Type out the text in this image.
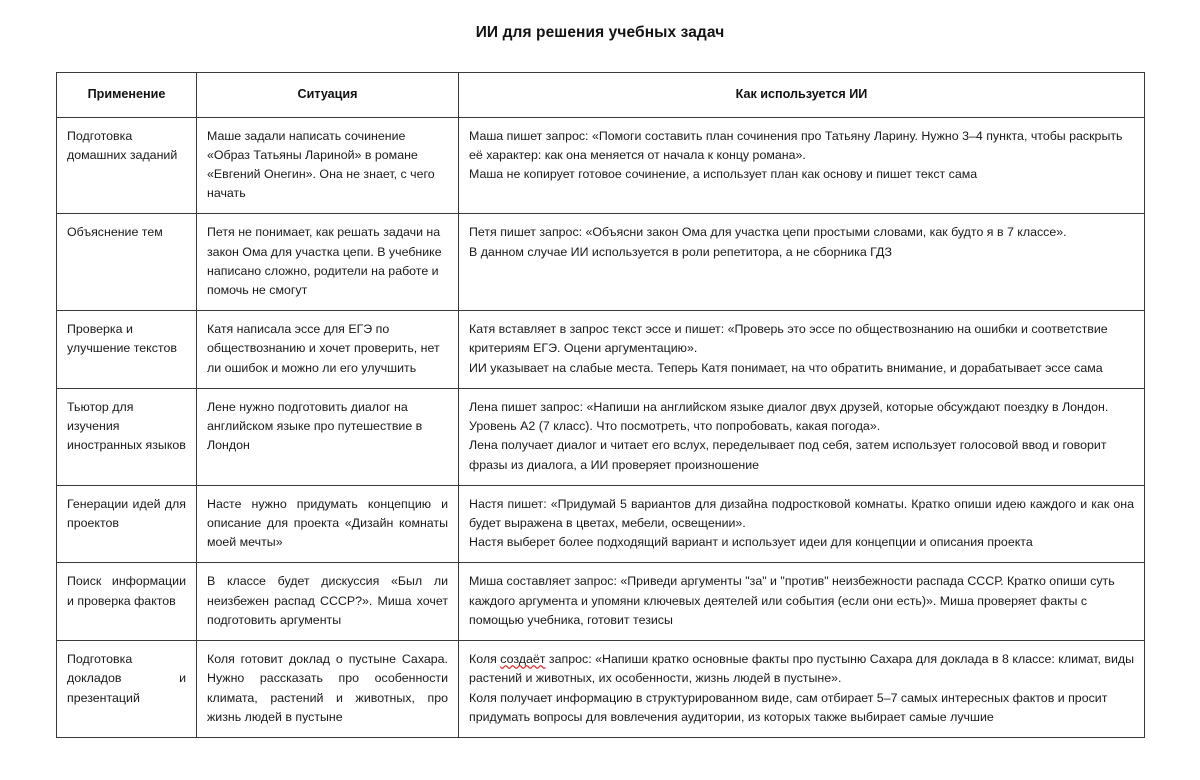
ИИ для решения учебных задач
Применение	Ситуация	Как используется ИИ
Подготовка домашних заданий	Маше задали написать сочинение «Образ Татьяны Лариной» в романе «Евгений Онегин». Она не знает, с чего начать	Маша пишет запрос: «Помоги составить план сочинения про Татьяну Ларину. Нужно 3–4 пункта, чтобы раскрыть её характер: как она меняется от начала к концу романа».

Маша не копирует готовое сочинение, а использует план как основу и пишет текст сама

Объяснение тем	Петя не понимает, как решать задачи на закон Ома для участка цепи. В учебнике написано сложно, родители на работе и помочь не смогут	Петя пишет запрос: «Объясни закон Ома для участка цепи простыми словами, как будто я в 7 классе».

В данном случае ИИ используется в роли репетитора, а не сборника ГДЗ

Проверка и улучшение текстов	Катя написала эссе для ЕГЭ по обществознанию и хочет проверить, нет ли ошибок и можно ли его улучшить	Катя вставляет в запрос текст эссе и пишет: «Проверь это эссе по обществознанию на ошибки и соответствие критериям ЕГЭ. Оцени аргументацию».

ИИ указывает на слабые места. Теперь Катя понимает, на что обратить внимание, и дорабатывает эссе сама

Тьютор для изучения иностранных языков	Лене нужно подготовить диалог на английском языке про путешествие в Лондон	Лена пишет запрос: «Напиши на английском языке диалог двух друзей, которые обсуждают поездку в Лондон. Уровень А2 (7 класс). Что посмотреть, что попробовать, какая погода».

Лена получает диалог и читает его вслух, переделывает под себя, затем использует голосовой ввод и говорит фразы из диалога, а ИИ проверяет произношение

Генерации идей для проектов	Насте нужно придумать концепцию и описание для проекта «Дизайн комнаты моей мечты»	Настя пишет: «Придумай 5 вариантов для дизайна подростковой комнаты. Кратко опиши идею каждого и как она будет выражена в цветах, мебели, освещении».

Настя выберет более подходящий вариант и использует идеи для концепции и описания проекта

Поиск информации и проверка фактов	В классе будет дискуссия «Был ли неизбежен распад СССР?». Миша хочет подготовить аргументы	Миша составляет запрос: «Приведи аргументы "за" и "против" неизбежности распада СССР. Кратко опиши суть каждого аргумента и упомяни ключевых деятелей или события (если они есть)». Миша проверяет факты с помощью учебника, готовит тезисы

Подготовка докладов и презентаций	Коля готовит доклад о пустыне Сахара. Нужно рассказать про особенности климата, растений и животных, про жизнь людей в пустыне	Коля создаёт запрос: «Напиши кратко основные факты про пустыню Сахара для доклада в 8 классе: климат, виды растений и животных, их особенности, жизнь людей в пустыне».

Коля получает информацию в структурированном виде, сам отбирает 5–7 самых интересных фактов и просит придумать вопросы для вовлечения аудитории, из которых также выбирает самые лучшие
